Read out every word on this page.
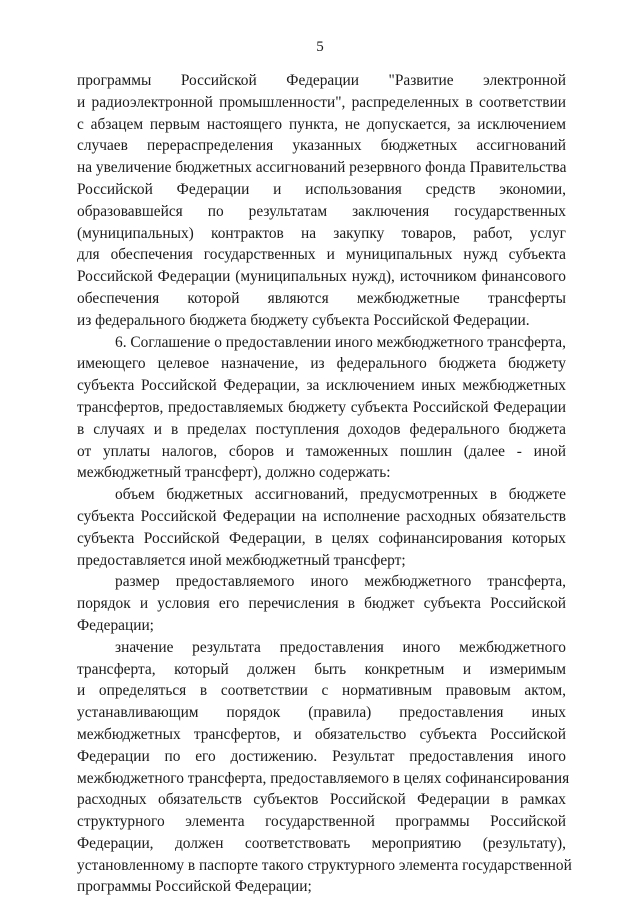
5
программы Российской Федерации "Развитие электронной
и радиоэлектронной промышленности", распределенных в соответствии
с абзацем первым настоящего пункта, не допускается, за исключением
случаев перераспределения указанных бюджетных ассигнований
на увеличение бюджетных ассигнований резервного фонда Правительства
Российской Федерации и использования средств экономии,
образовавшейся по результатам заключения государственных
(муниципальных) контрактов на закупку товаров, работ, услуг
для обеспечения государственных и муниципальных нужд субъекта
Российской Федерации (муниципальных нужд), источником финансового
обеспечения которой являются межбюджетные трансферты
из федерального бюджета бюджету субъекта Российской Федерации.
6. Соглашение о предоставлении иного межбюджетного трансферта,
имеющего целевое назначение, из федерального бюджета бюджету
субъекта Российской Федерации, за исключением иных межбюджетных
трансфертов, предоставляемых бюджету субъекта Российской Федерации
в случаях и в пределах поступления доходов федерального бюджета
от уплаты налогов, сборов и таможенных пошлин (далее - иной
межбюджетный трансферт), должно содержать:
объем бюджетных ассигнований, предусмотренных в бюджете
субъекта Российской Федерации на исполнение расходных обязательств
субъекта Российской Федерации, в целях софинансирования которых
предоставляется иной межбюджетный трансферт;
размер предоставляемого иного межбюджетного трансферта,
порядок и условия его перечисления в бюджет субъекта Российской
Федерации;
значение результата предоставления иного межбюджетного
трансферта, который должен быть конкретным и измеримым
и определяться в соответствии с нормативным правовым актом,
устанавливающим порядок (правила) предоставления иных
межбюджетных трансфертов, и обязательство субъекта Российской
Федерации по его достижению. Результат предоставления иного
межбюджетного трансферта, предоставляемого в целях софинансирования
расходных обязательств субъектов Российской Федерации в рамках
структурного элемента государственной программы Российской
Федерации, должен соответствовать мероприятию (результату),
установленному в паспорте такого структурного элемента государственной
программы Российской Федерации;
